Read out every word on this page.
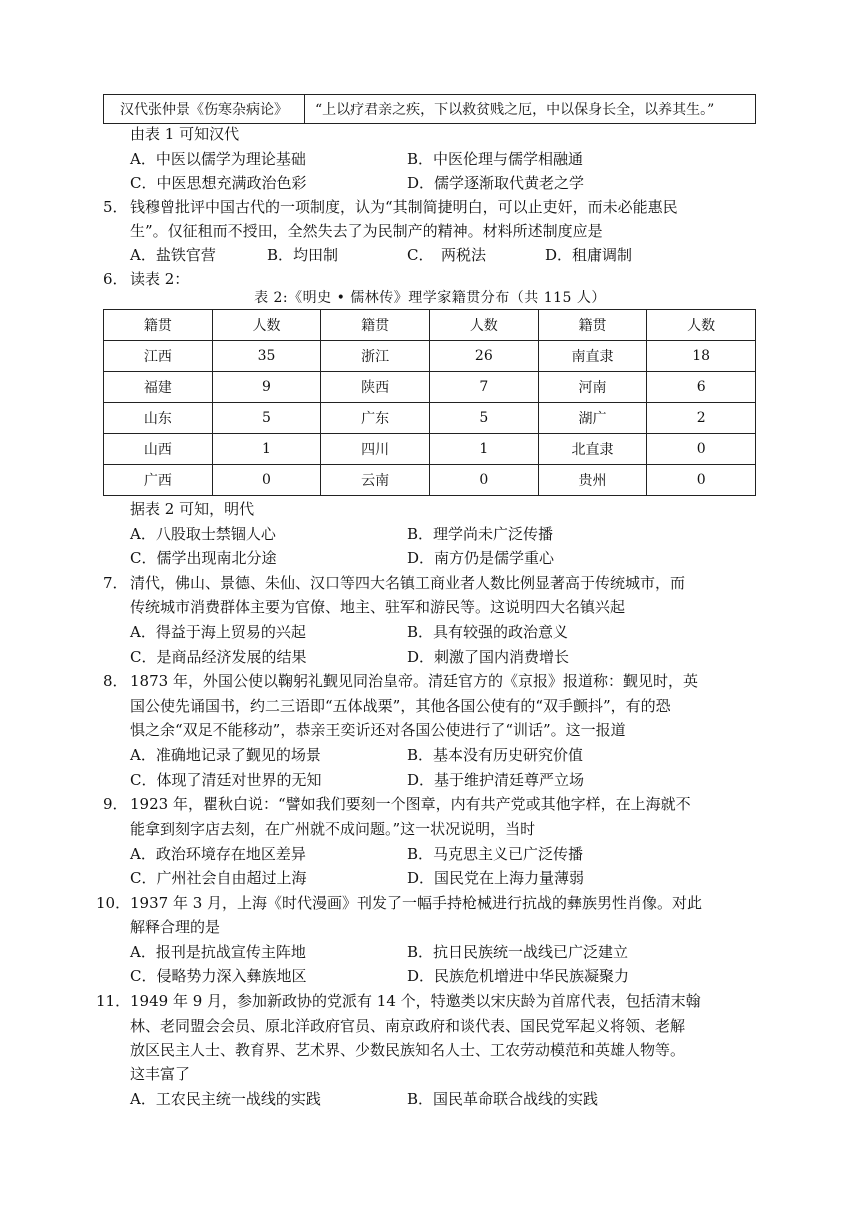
汉代张仲景《伤寒杂病论》	“上以疗君亲之疾，下以救贫贱之厄，中以保身长全，以养其生。”
由表 1 可知汉代
A．中医以儒学为理论基础	B．中医伦理与儒学相融通
C．中医思想充满政治色彩	D．儒学逐渐取代黄老之学
5． 钱穆曾批评中国古代的一项制度，认为“其制简捷明白，可以止吏奸，而未必能惠民
生”。仅征租而不授田，全然失去了为民制产的精神。材料所述制度应是
A．盐铁官营	B．均田制	C．　两税法	D．租庸调制
6． 读表 2：
表 2:《明史 • 儒林传》理学家籍贯分布（共 115 人）
籍贯	人数	籍贯	人数	籍贯	人数
江西	35	浙江	26	南直隶	18
福建	9	陕西	7	河南	6
山东	5	广东	5	湖广	2
山西	1	四川	1	北直隶	0
广西	0	云南	0	贵州	0
据表 2 可知，明代
A．八股取士禁锢人心	B．理学尚未广泛传播
C．儒学出现南北分途	D．南方仍是儒学重心
7． 清代，佛山、景德、朱仙、汉口等四大名镇工商业者人数比例显著高于传统城市，而
传统城市消费群体主要为官僚、地主、驻军和游民等。这说明四大名镇兴起
A．得益于海上贸易的兴起	B．具有较强的政治意义
C．是商品经济发展的结果	D．刺激了国内消费增长
8． 1873 年，外国公使以鞠躬礼觐见同治皇帝。清廷官方的《京报》报道称：觐见时，英
国公使先诵国书，约二三语即“五体战栗”，其他各国公使有的“双手颤抖”，有的恐
惧之余“双足不能移动”，恭亲王奕䜣还对各国公使进行了“训话”。这一报道
A．准确地记录了觐见的场景	B．基本没有历史研究价值
C．体现了清廷对世界的无知	D．基于维护清廷尊严立场
9． 1923 年，瞿秋白说：“譬如我们要刻一个图章，内有共产党或其他字样，在上海就不
能拿到刻字店去刻，在广州就不成问题。”这一状况说明，当时
A．政治环境存在地区差异	B．马克思主义已广泛传播
C．广州社会自由超过上海	D．国民党在上海力量薄弱
10． 1937 年 3 月，上海《时代漫画》刊发了一幅手持枪械进行抗战的彝族男性肖像。对此
解释合理的是
A．报刊是抗战宣传主阵地	B．抗日民族统一战线已广泛建立
C．侵略势力深入彝族地区	D．民族危机增进中华民族凝聚力
11． 1949 年 9 月，参加新政协的党派有 14 个，特邀类以宋庆龄为首席代表，包括清末翰
林、老同盟会会员、原北洋政府官员、南京政府和谈代表、国民党军起义将领、老解
放区民主人士、教育界、艺术界、少数民族知名人士、工农劳动模范和英雄人物等。
这丰富了
A．工农民主统一战线的实践	B．国民革命联合战线的实践
